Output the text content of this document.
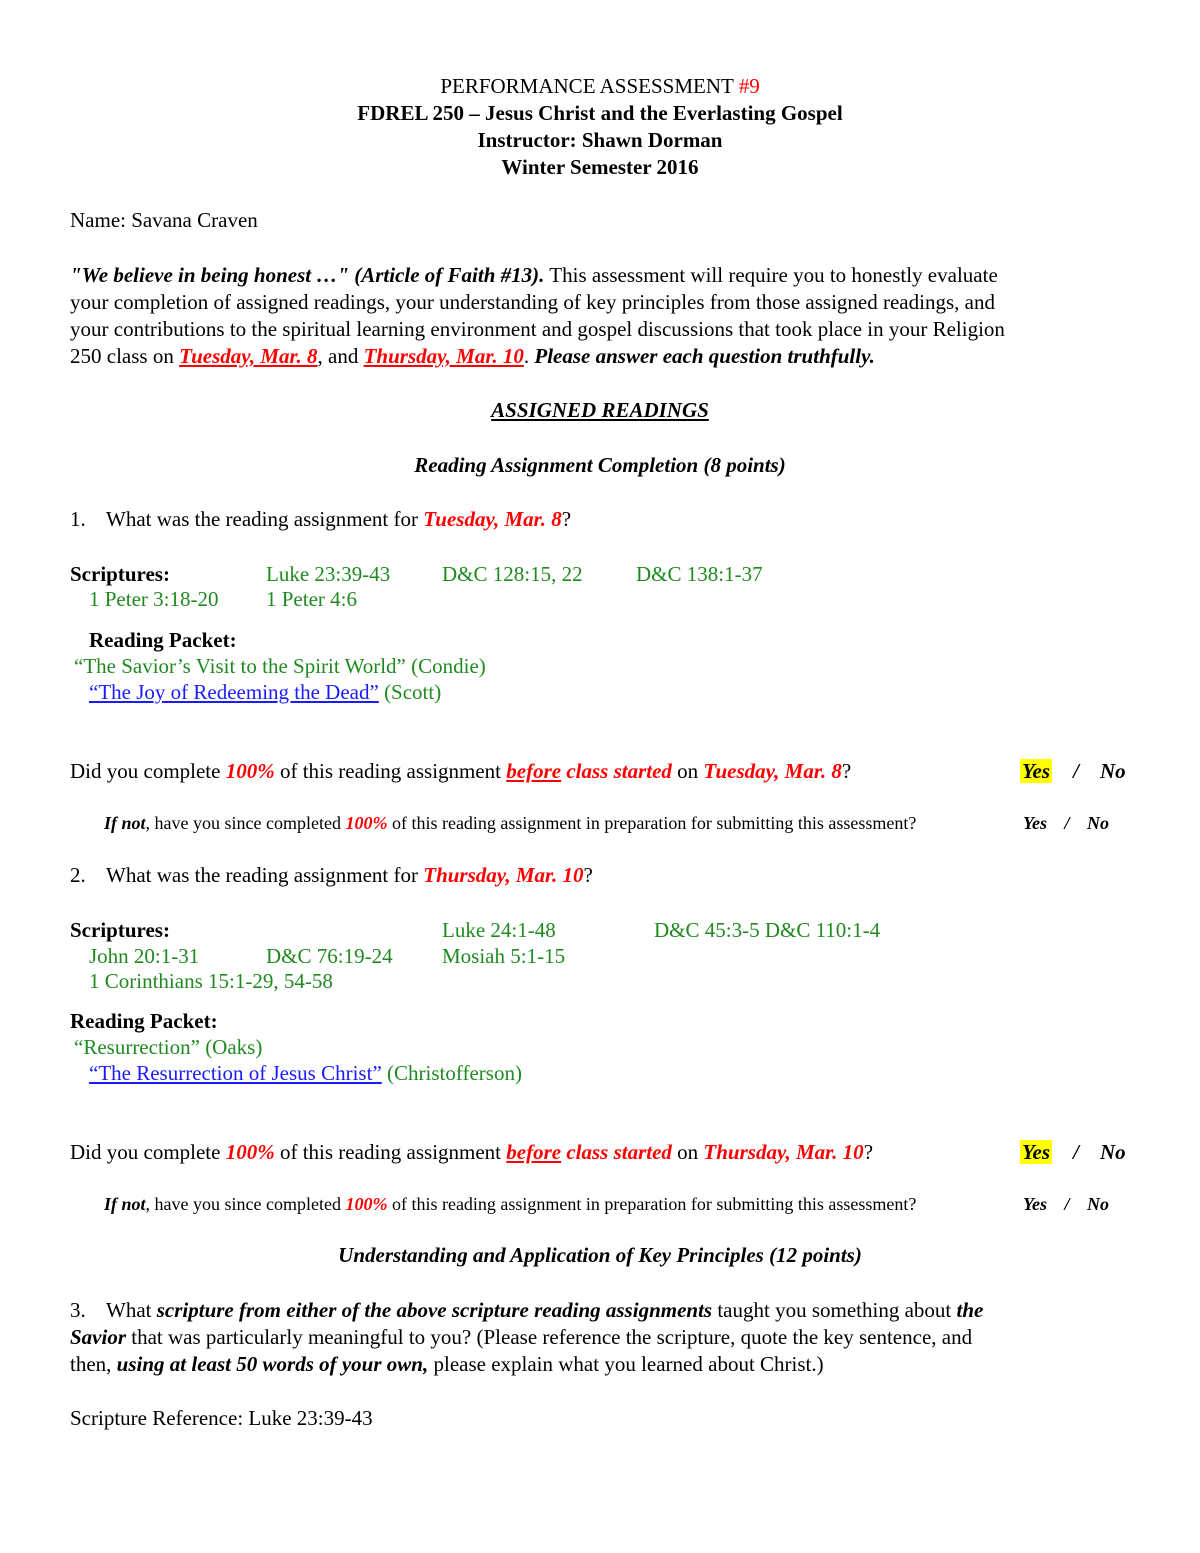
PERFORMANCE ASSESSMENT #9
FDREL 250 – Jesus Christ and the Everlasting Gospel
Instructor: Shawn Dorman
Winter Semester 2016
Name: Savana Craven
"We believe in being honest …" (Article of Faith #13). This assessment will require you to honestly evaluate
your completion of assigned readings, your understanding of key principles from those assigned readings, and
your contributions to the spiritual learning environment and gospel discussions that took place in your Religion
250 class on Tuesday, Mar. 8, and Thursday, Mar. 10. Please answer each question truthfully.
ASSIGNED READINGS
Reading Assignment Completion (8 points)
1. What was the reading assignment for Tuesday, Mar. 8?
Scriptures:	Luke 23:39-43 D&C 128:15, 22	D&C 138:1-37
1 Peter 3:18-20 1 Peter 4:6
Reading Packet:
“The Savior’s Visit to the Spirit World” (Condie)
“The Joy of Redeeming the Dead” (Scott)
Did you complete 100% of this reading assignment before class started on Tuesday, Mar. 8?	Yes / No
If not, have you since completed 100% of this reading assignment in preparation for submitting this assessment?	Yes / No
2. What was the reading assignment for Thursday, Mar. 10?
Scriptures:	Luke 24:1-48	D&C 45:3-5 D&C 110:1-4
John 20:1-31	D&C 76:19-24 Mosiah 5:1-15
1 Corinthians 15:1-29, 54-58
Reading Packet:
“Resurrection” (Oaks)
“The Resurrection of Jesus Christ” (Christofferson)
Did you complete 100% of this reading assignment before class started on Thursday, Mar. 10?	Yes / No
If not, have you since completed 100% of this reading assignment in preparation for submitting this assessment?	Yes / No
Understanding and Application of Key Principles (12 points)
3. What scripture from either of the above scripture reading assignments taught you something about the
Savior that was particularly meaningful to you? (Please reference the scripture, quote the key sentence, and
then, using at least 50 words of your own, please explain what you learned about Christ.)
Scripture Reference: Luke 23:39-43
